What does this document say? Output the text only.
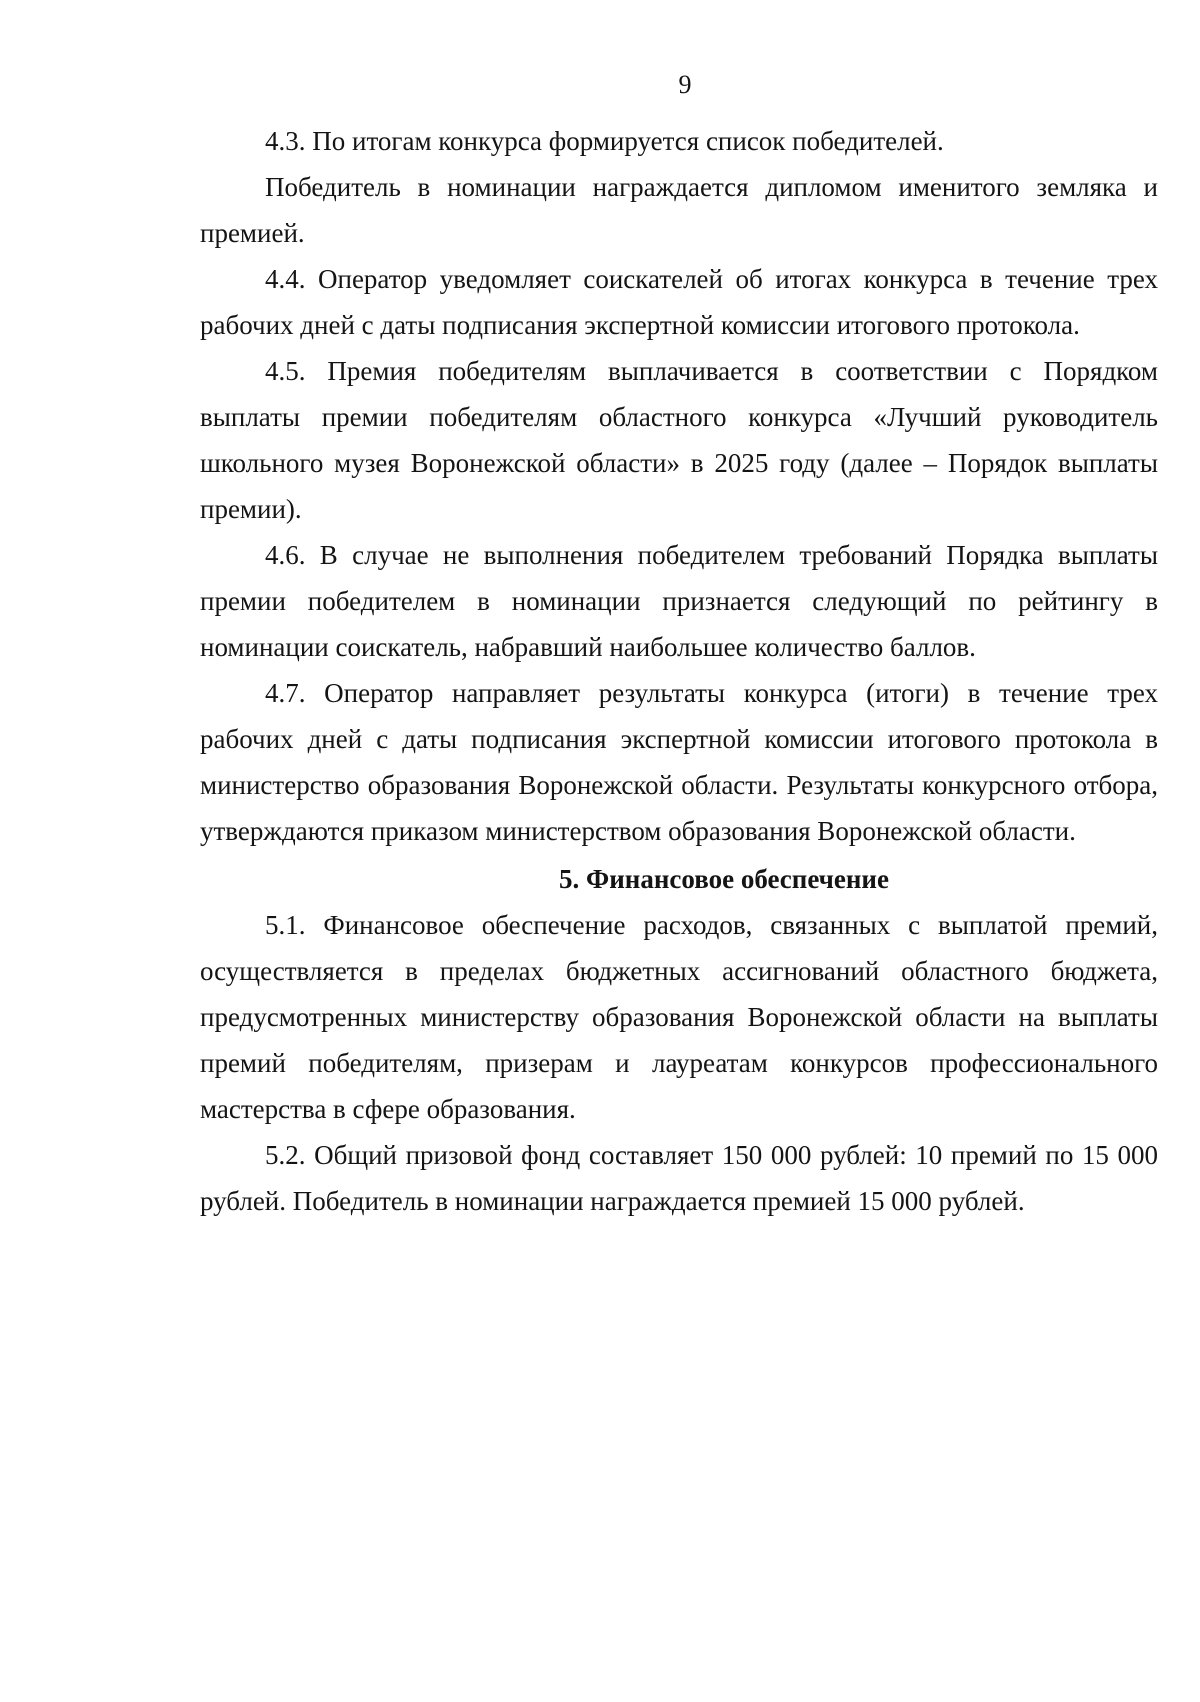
9

4.3. По итогам конкурса формируется список победителей.

Победитель в номинации награждается дипломом именитого земляка и премией.

4.4. Оператор уведомляет соискателей об итогах конкурса в течение трех рабочих дней с даты подписания экспертной комиссии итогового протокола.

4.5. Премия победителям выплачивается в соответствии с Порядком выплаты премии победителям областного конкурса «Лучший руководитель школьного музея Воронежской области» в 2025 году (далее – Порядок выплаты премии).

4.6. В случае не выполнения победителем требований Порядка выплаты премии победителем в номинации признается следующий по рейтингу в номинации соискатель, набравший наибольшее количество баллов.

4.7. Оператор направляет результаты конкурса (итоги) в течение трех рабочих дней с даты подписания экспертной комиссии итогового протокола в министерство образования Воронежской области. Результаты конкурсного отбора, утверждаются приказом министерством образования Воронежской области.

5. Финансовое обеспечение

5.1. Финансовое обеспечение расходов, связанных с выплатой премий, осуществляется в пределах бюджетных ассигнований областного бюджета, предусмотренных министерству образования Воронежской области на выплаты премий победителям, призерам и лауреатам конкурсов профессионального мастерства в сфере образования.

5.2. Общий призовой фонд составляет 150 000 рублей: 10 премий по 15 000 рублей. Победитель в номинации награждается премией 15 000 рублей.
